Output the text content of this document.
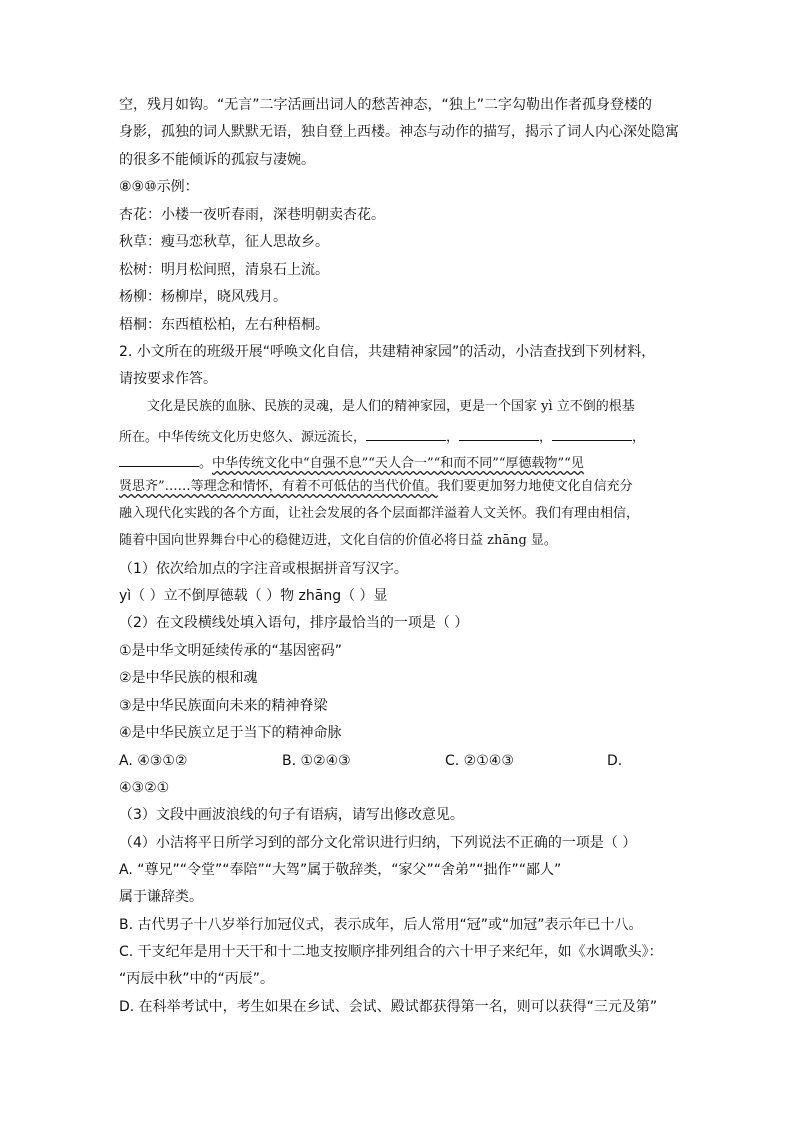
空，残月如钩。“无言”二字活画出词人的愁苦神态，“独上”二字勾勒出作者孤身登楼的
身影，孤独的词人默默无语，独自登上西楼。神态与动作的描写，揭示了词人内心深处隐寓
的很多不能倾诉的孤寂与凄婉。
⑧⑨⑩示例：
杏花：小楼一夜听春雨，深巷明朝卖杏花。
秋草：瘦马恋秋草，征人思故乡。
松树：明月松间照，清泉石上流。
杨柳：杨柳岸，晓风残月。
梧桐：东西植松柏，左右种梧桐。
2. 小文所在的班级开展“呼唤文化自信，共建精神家园”的活动，小洁查找到下列材料，
请按要求作答。
文化是民族的血脉、民族的灵魂，是人们的精神家园，更是一个国家 yì 立不倒的根基
所在。中华传统文化历史悠久、源远流长，	，	，	，
。中华传统文化中“自强不息”“天人合一”“和而不同”“厚德载物”“见
贤思齐”……等理念和情怀，有着不可低估的当代价值。我们要更加努力地使文化自信充分
融入现代化实践的各个方面，让社会发展的各个层面都洋溢着人文关怀。我们有理由相信，
随着中国向世界舞台中心的稳健迈进，文化自信的价值必将日益 zhāng 显。
（1）依次给加点的字注音或根据拼音写汉字。
yì（ ）立不倒厚德载（ ）物 zhāng（ ）显
（2）在文段横线处填入语句，排序最恰当的一项是（ ）
①是中华文明延续传承的“基因密码”
②是中华民族的根和魂
③是中华民族面向未来的精神脊梁
④是中华民族立足于当下的精神命脉
A. ④③①②	B. ①②④③	C. ②①④③	D.
④③②①
（3）文段中画波浪线的句子有语病，请写出修改意见。
（4）小洁将平日所学习到的部分文化常识进行归纳，下列说法不正确的一项是（ ）
A. “尊兄”“令堂”“奉陪”“大驾”属于敬辞类，“家父”“舍弟”“拙作”“鄙人”
属于谦辞类。
B. 古代男子十八岁举行加冠仪式，表示成年，后人常用“冠”或“加冠”表示年已十八。
C. 干支纪年是用十天干和十二地支按顺序排列组合的六十甲子来纪年，如《水调歌头》：
“丙辰中秋”中的“丙辰”。
D. 在科举考试中，考生如果在乡试、会试、殿试都获得第一名，则可以获得“三元及第”
